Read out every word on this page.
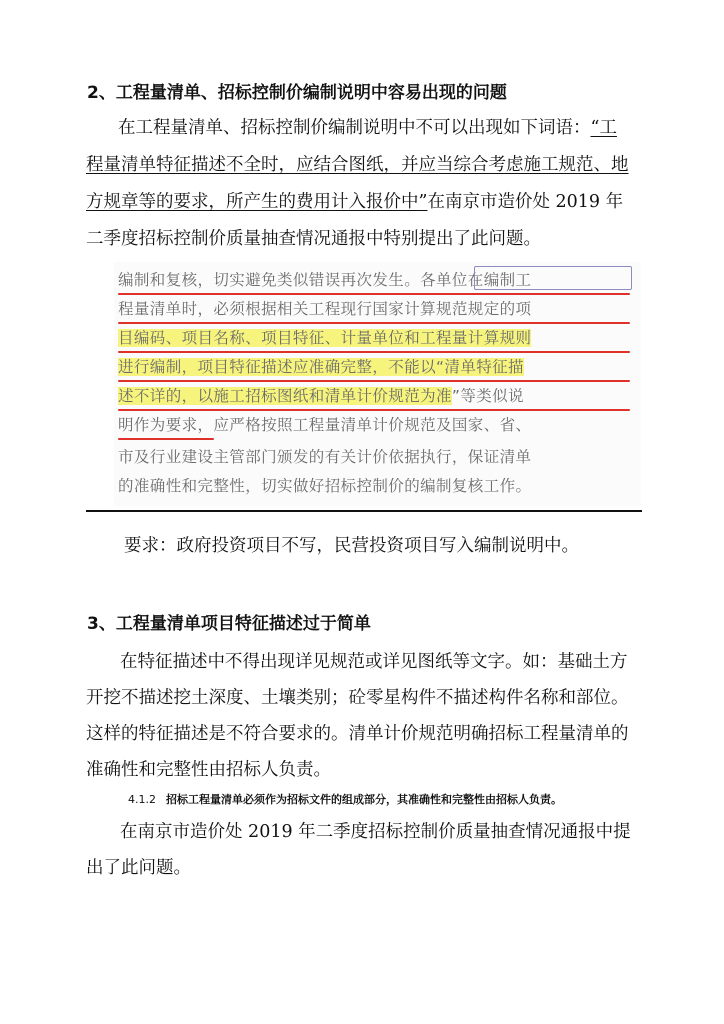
2、工程量清单、招标控制价编制说明中容易出现的问题
在工程量清单、招标控制价编制说明中不可以出现如下词语：“工
程量清单特征描述不全时，应结合图纸，并应当综合考虑施工规范、地
方规章等的要求，所产生的费用计入报价中”在南京市造价处 2019 年
二季度招标控制价质量抽查情况通报中特别提出了此问题。
编制和复核，切实避免类似错误再次发生。各单位在编制工
程量清单时，必须根据相关工程现行国家计算规范规定的项
目编码、项目名称、项目特征、计量单位和工程量计算规则
进行编制，项目特征描述应准确完整，不能以“清单特征描
述不详的，以施工招标图纸和清单计价规范为准”等类似说
明作为要求，应严格按照工程量清单计价规范及国家、省、
市及行业建设主管部门颁发的有关计价依据执行，保证清单
的准确性和完整性，切实做好招标控制价的编制复核工作。
要求：政府投资项目不写，民营投资项目写入编制说明中。
3、工程量清单项目特征描述过于简单
在特征描述中不得出现详见规范或详见图纸等文字。如：基础土方
开挖不描述挖土深度、土壤类别；砼零星构件不描述构件名称和部位。
这样的特征描述是不符合要求的。清单计价规范明确招标工程量清单的
准确性和完整性由招标人负责。
4.1.2 招标工程量清单必须作为招标文件的组成部分，其准确性和完整性由招标人负责。
在南京市造价处 2019 年二季度招标控制价质量抽查情况通报中提
出了此问题。
